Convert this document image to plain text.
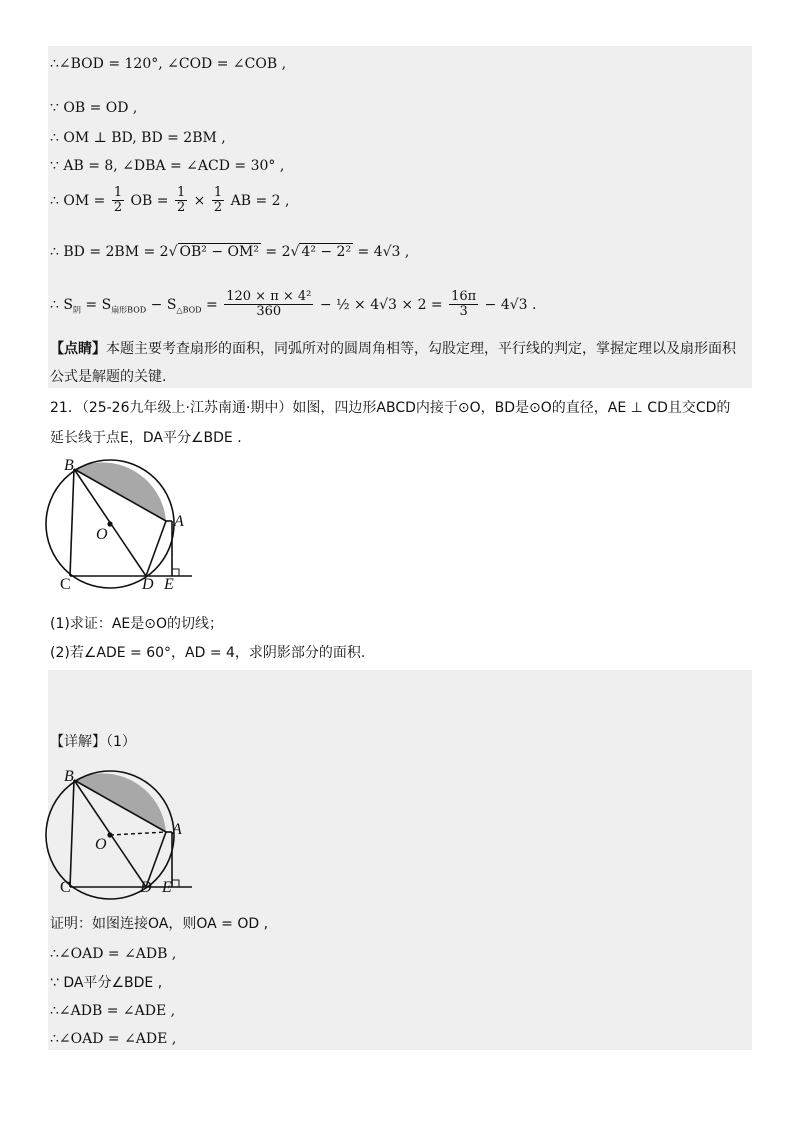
∴∠BOD = 120°, ∠COD = ∠COB ,
∵ OB = OD ,
∴ OM ⊥ BD, BD = 2BM ,
∵ AB = 8, ∠DBA = ∠ACD = 30° ,
∴ OM = $\frac{1}{2}$ OB = $\frac{1}{2} \times \frac{1}{2}$ AB = 2 ,
∴ BD = 2BM = 2√ OB² − OM² = 2√ 4² − 2² = 4√3 ,
∴ $S_阴 = S_{扇形BOD} - S_{\triangle BOD} = \frac{\text{120 × π × 4²}}{360}$ − ½ × $4√3 \times 2 = \frac{16\pi}{3} - 4√3$ .
【点睛】本题主要考查扇形的面积，同弧所对的圆周角相等，勾股定理，平行线的判定，掌握定理以及扇形面积
公式是解题的关键.
21．（25-26九年级上·江苏南通·期中）如图，四边形ABCD内接于⊙O，BD是⊙O的直径，AE ⊥ CD且交CD的
延长线于点E，DA平分∠BDE .
B
A
O
C	D E
(1)求证：AE是⊙O的切线；
(2)若∠ADE = 60°，AD = 4，求阴影部分的面积.
【详解】（1）
B
A
O
C	D E
证明：如图连接OA，则OA = OD ,
∴∠OAD = ∠ADB ,
∵ DA平分∠BDE ,
∴∠ADB = ∠ADE ,
∴∠OAD = ∠ADE ,
